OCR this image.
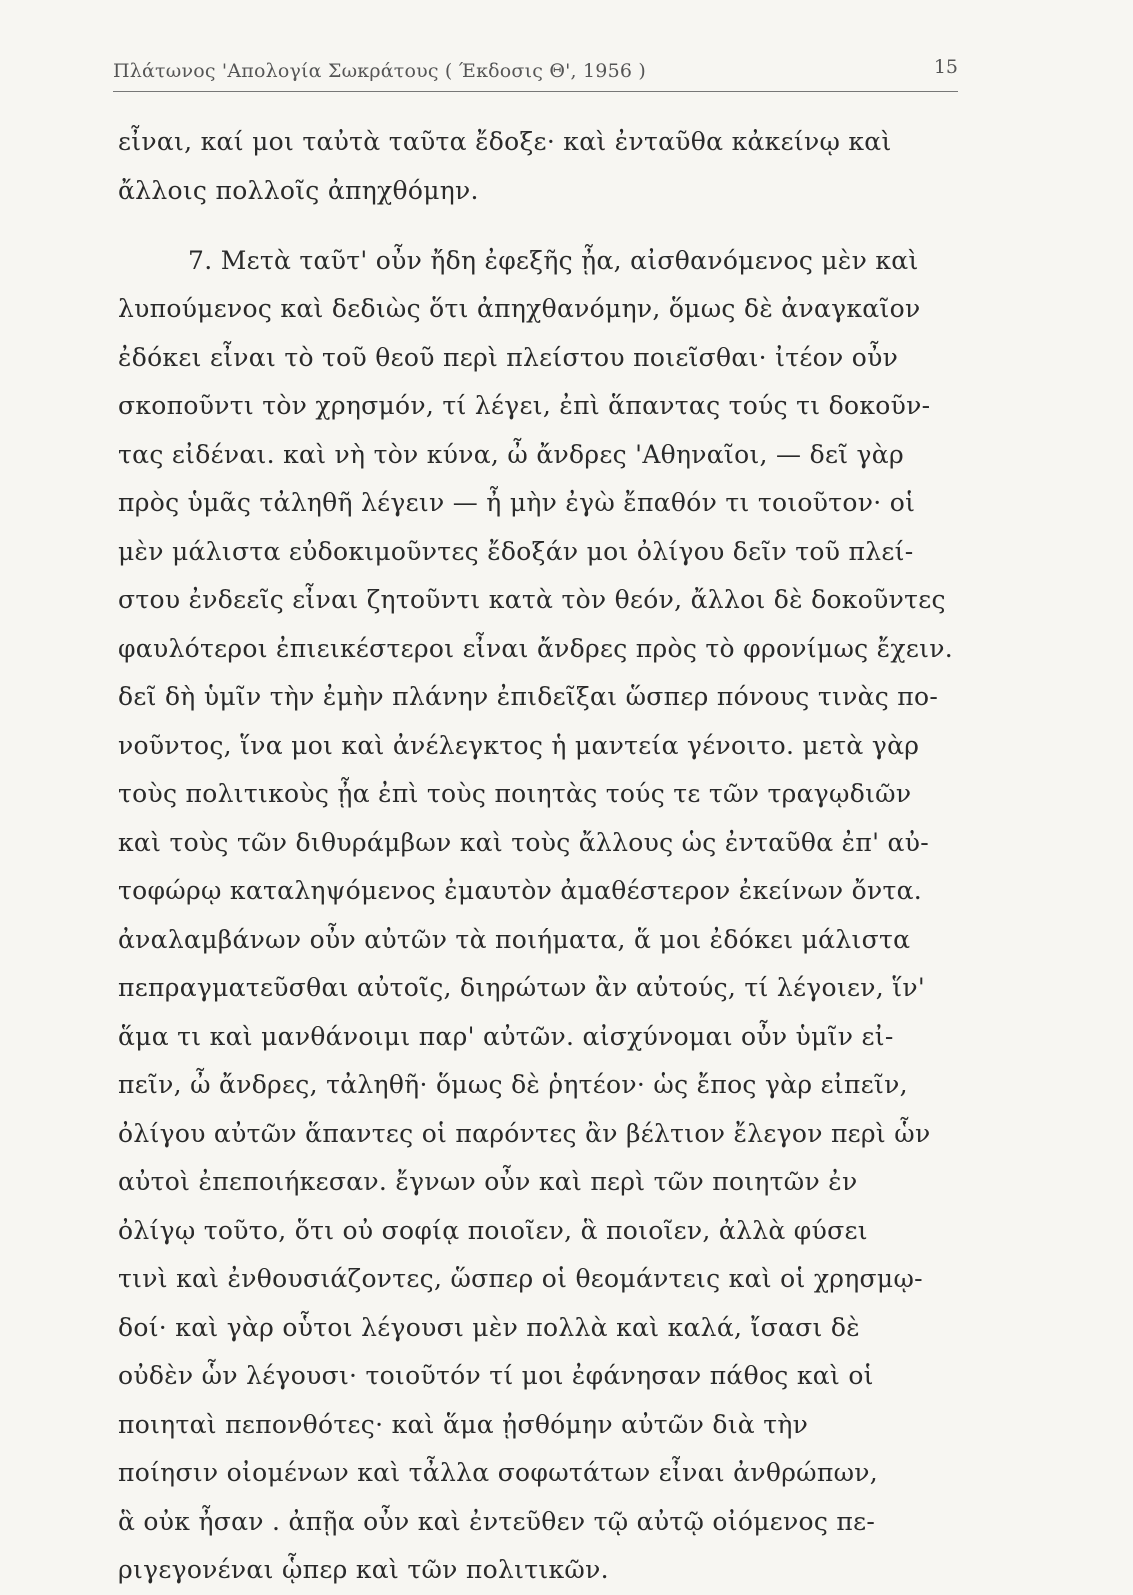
Πλάτωνος 'Απολογία Σωκράτους ( Έκδοσις Θ', 1956 )	15
εἶναι, καί μοι ταὐτὰ ταῦτα ἔδοξε· καὶ ἐνταῦθα κἀκείνῳ καὶ
ἄλλοις πολλοῖς ἀπηχθόμην.
7. Μετὰ ταῦτ' οὖν ἤδη ἐφεξῆς ᾖα, αἰσθανόμενος μὲν καὶ
λυπούμενος καὶ δεδιὼς ὅτι ἀπηχθανόμην, ὅμως δὲ ἀναγκαῖον
ἐδόκει εἶναι τὸ τοῦ θεοῦ περὶ πλείστου ποιεῖσθαι· ἰτέον οὖν
σκοποῦντι τὸν χρησμόν, τί λέγει, ἐπὶ ἅπαντας τούς τι δοκοῦν-
τας εἰδέναι. καὶ νὴ τὸν κύνα, ὦ ἄνδρες 'Αθηναῖοι, — δεῖ γὰρ
πρὸς ὑμᾶς τἀληθῆ λέγειν — ἦ μὴν ἐγὼ ἔπαθόν τι τοιοῦτον· οἱ
μὲν μάλιστα εὐδοκιμοῦντες ἔδοξάν μοι ὀλίγου δεῖν τοῦ πλεί-
στου ἐνδεεῖς εἶναι ζητοῦντι κατὰ τὸν θεόν, ἄλλοι δὲ δοκοῦντες
φαυλότεροι ἐπιεικέστεροι εἶναι ἄνδρες πρὸς τὸ φρονίμως ἔχειν.
δεῖ δὴ ὑμῖν τὴν ἐμὴν πλάνην ἐπιδεῖξαι ὥσπερ πόνους τινὰς πο-
νοῦντος, ἵνα μοι καὶ ἀνέλεγκτος ἡ μαντεία γένοιτο. μετὰ γὰρ
τοὺς πολιτικοὺς ᾖα ἐπὶ τοὺς ποιητὰς τούς τε τῶν τραγῳδιῶν
καὶ τοὺς τῶν διθυράμβων καὶ τοὺς ἄλλους ὡς ἐνταῦθα ἐπ' αὐ-
τοφώρῳ καταληψόμενος ἐμαυτὸν ἀμαθέστερον ἐκείνων ὄντα.
ἀναλαμβάνων οὖν αὐτῶν τὰ ποιήματα, ἅ μοι ἐδόκει μάλιστα
πεπραγματεῦσθαι αὐτοῖς, διηρώτων ἂν αὐτούς, τί λέγοιεν, ἵν'
ἅμα τι καὶ μανθάνοιμι παρ' αὐτῶν. αἰσχύνομαι οὖν ὑμῖν εἰ-
πεῖν, ὦ ἄνδρες, τἀληθῆ· ὅμως δὲ ῥητέον· ὡς ἔπος γὰρ εἰπεῖν,
ὀλίγου αὐτῶν ἅπαντες οἱ παρόντες ἂν βέλτιον ἔλεγον περὶ ὧν
αὐτοὶ ἐπεποιήκεσαν. ἔγνων οὖν καὶ περὶ τῶν ποιητῶν ἐν
ὀλίγῳ τοῦτο, ὅτι οὐ σοφίᾳ ποιοῖεν, ἃ ποιοῖεν, ἀλλὰ φύσει
τινὶ καὶ ἐνθουσιάζοντες, ὥσπερ οἱ θεομάντεις καὶ οἱ χρησμῳ-
δοί· καὶ γὰρ οὗτοι λέγουσι μὲν πολλὰ καὶ καλά, ἴσασι δὲ
οὐδὲν ὧν λέγουσι· τοιοῦτόν τί μοι ἐφάνησαν πάθος καὶ οἱ
ποιηταὶ πεπονθότες· καὶ ἅμα ᾐσθόμην αὐτῶν διὰ τὴν
ποίησιν οἰομένων καὶ τἆλλα σοφωτάτων εἶναι ἀνθρώπων,
ἃ οὐκ ἦσαν . ἀπῇα οὖν καὶ ἐντεῦθεν τῷ αὐτῷ οἰόμενος πε-
ριγεγονέναι ᾧπερ καὶ τῶν πολιτικῶν.
